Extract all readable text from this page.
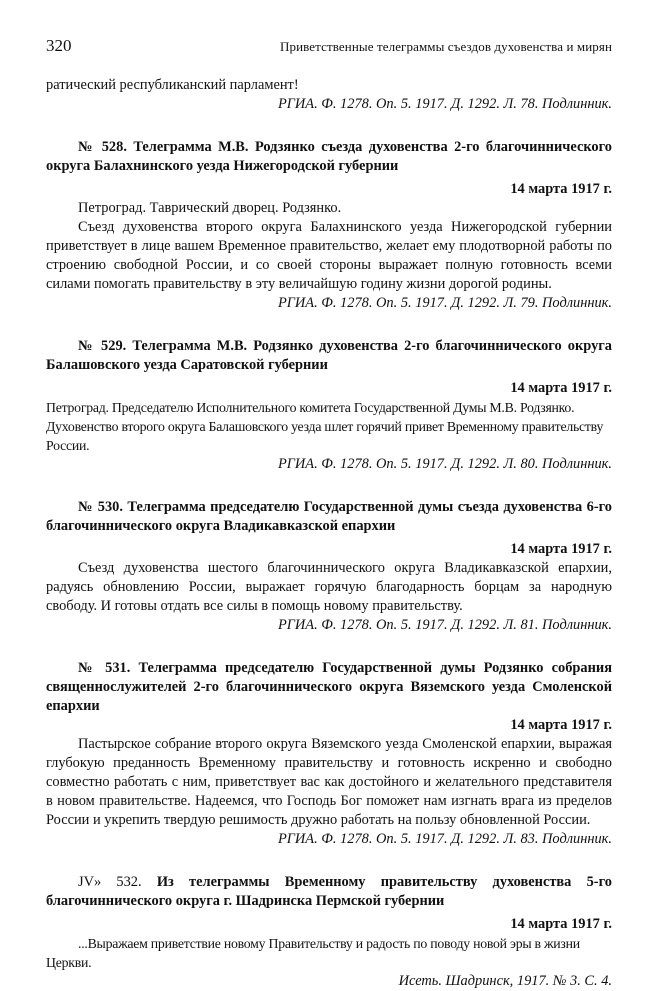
320	Приветственные телеграммы съездов духовенства и мирян

ратический республиканский парламент!

РГИА. Ф. 1278. Оп. 5. 1917. Д. 1292. Л. 78. Подлинник.

№ 528. Телеграмма М.В. Родзянко съезда духовенства 2-го благочиннического округа Балахнинского уезда Нижегородской губернии

14 марта 1917 г.

Петроград. Таврический дворец. Родзянко.

Съезд духовенства второго округа Балахнинского уезда Нижегородской губернии приветствует в лице вашем Временное правительство, желает ему плодотворной работы по строению свободной России, и со своей стороны выражает полную готовность всеми силами помогать правительству в эту величайшую годину жизни дорогой родины.

РГИА. Ф. 1278. Оп. 5. 1917. Д. 1292. Л. 79. Подлинник.

№ 529. Телеграмма М.В. Родзянко духовенства 2-го благочиннического округа Балашовского уезда Саратовской губернии

14 марта 1917 г.

Петроград. Председателю Исполнительного комитета Государственной Думы М.В. Родзянко. Духовенство второго округа Балашовского уезда шлет горячий привет Временному правительству России.

РГИА. Ф. 1278. Оп. 5. 1917. Д. 1292. Л. 80. Подлинник.

№ 530. Телеграмма председателю Государственной думы съезда духовенства 6-го благочиннического округа Владикавказской епархии

14 марта 1917 г.

Съезд духовенства шестого благочиннического округа Владикавказской епархии, радуясь обновлению России, выражает горячую благодарность борцам за народную свободу. И готовы отдать все силы в помощь новому правительству.

РГИА. Ф. 1278. Оп. 5. 1917. Д. 1292. Л. 81. Подлинник.

№ 531. Телеграмма председателю Государственной думы Родзянко собрания священнослужителей 2-го благочиннического округа Вяземского уезда Смоленской епархии

14 марта 1917 г.

Пастырское собрание второго округа Вяземского уезда Смоленской епархии, выражая глубокую преданность Временному правительству и готовность искренно и свободно совместно работать с ним, приветствует вас как достойного и желательного представителя в новом правительстве. Надеемся, что Господь Бог поможет нам изгнать врага из пределов России и укрепить твердую решимость дружно работать на пользу обновленной России.

РГИА. Ф. 1278. Оп. 5. 1917. Д. 1292. Л. 83. Подлинник.

JV» 532. Из телеграммы Временному правительству духовенства 5-го благочиннического округа г. Шадринска Пермской губернии

14 марта 1917 г.

...Выражаем приветствие новому Правительству и радость по поводу новой эры в жизни Церкви.

Исеть. Шадринск, 1917. № 3. С. 4.
